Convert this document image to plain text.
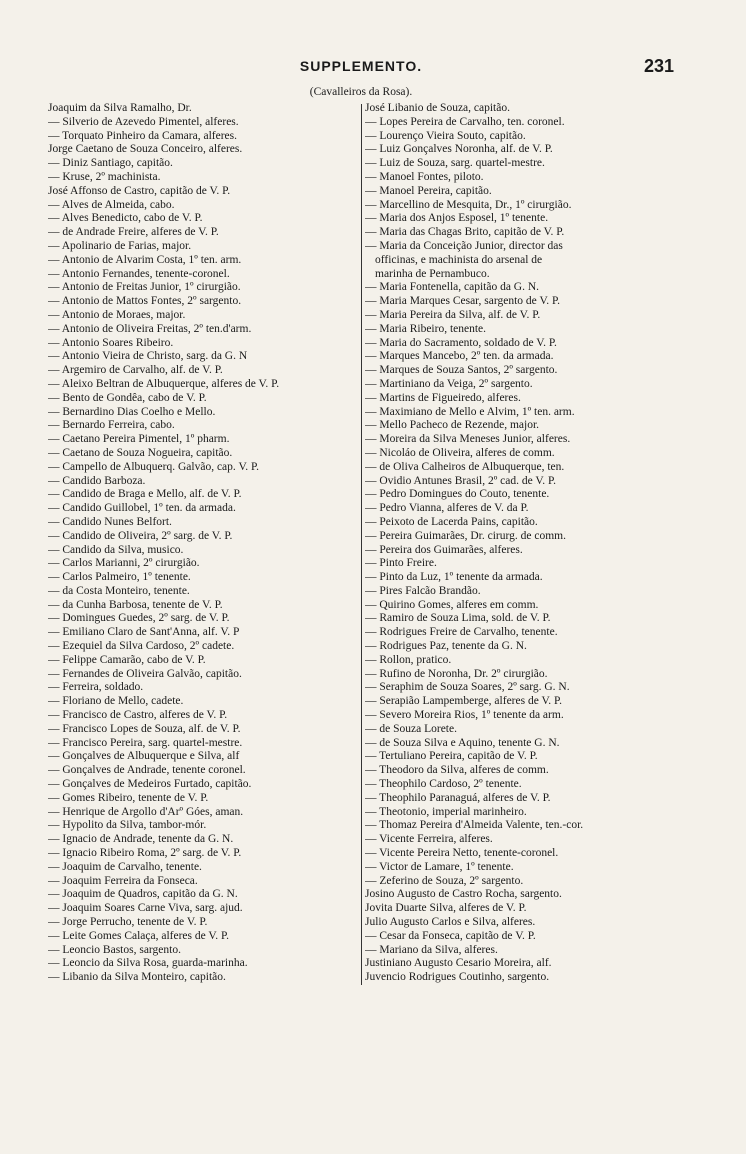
SUPPLEMENTO.	231
(Cavalleiros da Rosa).
Joaquim da Silva Ramalho, Dr.
— Silverio de Azevedo Pimentel, alferes.
— Torquato Pinheiro da Camara, alferes.
Jorge Caetano de Souza Conceiro, alferes.
— Diniz Santiago, capitão.
— Kruse, 2º machinista.
José Affonso de Castro, capitão de V. P.
— Alves de Almeida, cabo.
— Alves Benedicto, cabo de V. P.
— de Andrade Freire, alferes de V. P.
— Apolinario de Farias, major.
— Antonio de Alvarim Costa, 1º ten. arm.
— Antonio Fernandes, tenente-coronel.
— Antonio de Freitas Junior, 1º cirurgião.
— Antonio de Mattos Fontes, 2º sargento.
— Antonio de Moraes, major.
— Antonio de Oliveira Freitas, 2º ten.d'arm.
— Antonio Soares Ribeiro.
— Antonio Vieira de Christo, sarg. da G. N
— Argemiro de Carvalho, alf. de V. P.
— Aleixo Beltran de Albuquerque, alferes de V. P.
— Bento de Gondêa, cabo de V. P.
— Bernardino Dias Coelho e Mello.
— Bernardo Ferreira, cabo.
— Caetano Pereira Pimentel, 1º pharm.
— Caetano de Souza Nogueira, capitão.
— Campello de Albuquerq. Galvão, cap. V. P.
— Candido Barboza.
— Candido de Braga e Mello, alf. de V. P.
— Candido Guillobel, 1º ten. da armada.
— Candido Nunes Belfort.
— Candido de Oliveira, 2º sarg. de V. P.
— Candido da Silva, musico.
— Carlos Marianni, 2º cirurgião.
— Carlos Palmeiro, 1º tenente.
— da Costa Monteiro, tenente.
— da Cunha Barbosa, tenente de V. P.
— Domingues Guedes, 2º sarg. de V. P.
— Emiliano Claro de Sant'Anna, alf. V. P
— Ezequiel da Silva Cardoso, 2º cadete.
— Felippe Camarão, cabo de V. P.
— Fernandes de Oliveira Galvão, capitão.
— Ferreira, soldado.
— Floriano de Mello, cadete.
— Francisco de Castro, alferes de V. P.
— Francisco Lopes de Souza, alf. de V. P.
— Francisco Pereira, sarg. quartel-mestre.
— Gonçalves de Albuquerque e Silva, alf
— Gonçalves de Andrade, tenente coronel.
— Gonçalves de Medeiros Furtado, capitão.
— Gomes Ribeiro, tenente de V. P.
— Henrique de Argollo d'Arº Góes, aman.
— Hypolito da Silva, tambor-mór.
— Ignacio de Andrade, tenente da G. N.
— Ignacio Ribeiro Roma, 2º sarg. de V. P.
— Joaquim de Carvalho, tenente.
— Joaquim Ferreira da Fonseca.
— Joaquim de Quadros, capitão da G. N.
— Joaquim Soares Carne Viva, sarg. ajud.
— Jorge Perrucho, tenente de V. P.
— Leite Gomes Calaça, alferes de V. P.
— Leoncio Bastos, sargento.
— Leoncio da Silva Rosa, guarda-marinha.
— Libanio da Silva Monteiro, capitão.
José Libanio de Souza, capitão.
— Lopes Pereira de Carvalho, ten. coronel.
— Lourenço Vieira Souto, capitão.
— Luiz Gonçalves Noronha, alf. de V. P.
— Luiz de Souza, sarg. quartel-mestre.
— Manoel Fontes, piloto.
— Manoel Pereira, capitão.
— Marcellino de Mesquita, Dr., 1º cirurgião.
— Maria dos Anjos Esposel, 1º tenente.
— Maria das Chagas Brito, capitão de V. P.
— Maria da Conceição Junior, director das
officinas, e machinista do arsenal de
marinha de Pernambuco.
— Maria Fontenella, capitão da G. N.
— Maria Marques Cesar, sargento de V. P.
— Maria Pereira da Silva, alf. de V. P.
— Maria Ribeiro, tenente.
— Maria do Sacramento, soldado de V. P.
— Marques Mancebo, 2º ten. da armada.
— Marques de Souza Santos, 2º sargento.
— Martiniano da Veiga, 2º sargento.
— Martins de Figueiredo, alferes.
— Maximiano de Mello e Alvim, 1º ten. arm.
— Mello Pacheco de Rezende, major.
— Moreira da Silva Meneses Junior, alferes.
— Nicoláo de Oliveira, alferes de comm.
— de Oliva Calheiros de Albuquerque, ten.
— Ovidio Antunes Brasil, 2º cad. de V. P.
— Pedro Domingues do Couto, tenente.
— Pedro Vianna, alferes de V. da P.
— Peixoto de Lacerda Pains, capitão.
— Pereira Guimarães, Dr. cirurg. de comm.
— Pereira dos Guimarães, alferes.
— Pinto Freire.
— Pinto da Luz, 1º tenente da armada.
— Pires Falcão Brandão.
— Quirino Gomes, alferes em comm.
— Ramiro de Souza Lima, sold. de V. P.
— Rodrigues Freire de Carvalho, tenente.
— Rodrigues Paz, tenente da G. N.
— Rollon, pratico.
— Rufino de Noronha, Dr. 2º cirurgião.
— Seraphim de Souza Soares, 2º sarg. G. N.
— Serapião Lampemberge, alferes de V. P.
— Severo Moreira Rios, 1º tenente da arm.
— de Souza Lorete.
— de Souza Silva e Aquino, tenente G. N.
— Tertuliano Pereira, capitão de V. P.
— Theodoro da Silva, alferes de comm.
— Theophilo Cardoso, 2º tenente.
— Theophilo Paranaguá, alferes de V. P.
— Theotonio, imperial marinheiro.
— Thomaz Pereira d'Almeida Valente, ten.-cor.
— Vicente Ferreira, alferes.
— Vicente Pereira Netto, tenente-coronel.
— Victor de Lamare, 1º tenente.
— Zeferino de Souza, 2º sargento.
Josino Augusto de Castro Rocha, sargento.
Jovita Duarte Silva, alferes de V. P.
Julio Augusto Carlos e Silva, alferes.
— Cesar da Fonseca, capitão de V. P.
— Mariano da Silva, alferes.
Justiniano Augusto Cesario Moreira, alf.
Juvencio Rodrigues Coutinho, sargento.
